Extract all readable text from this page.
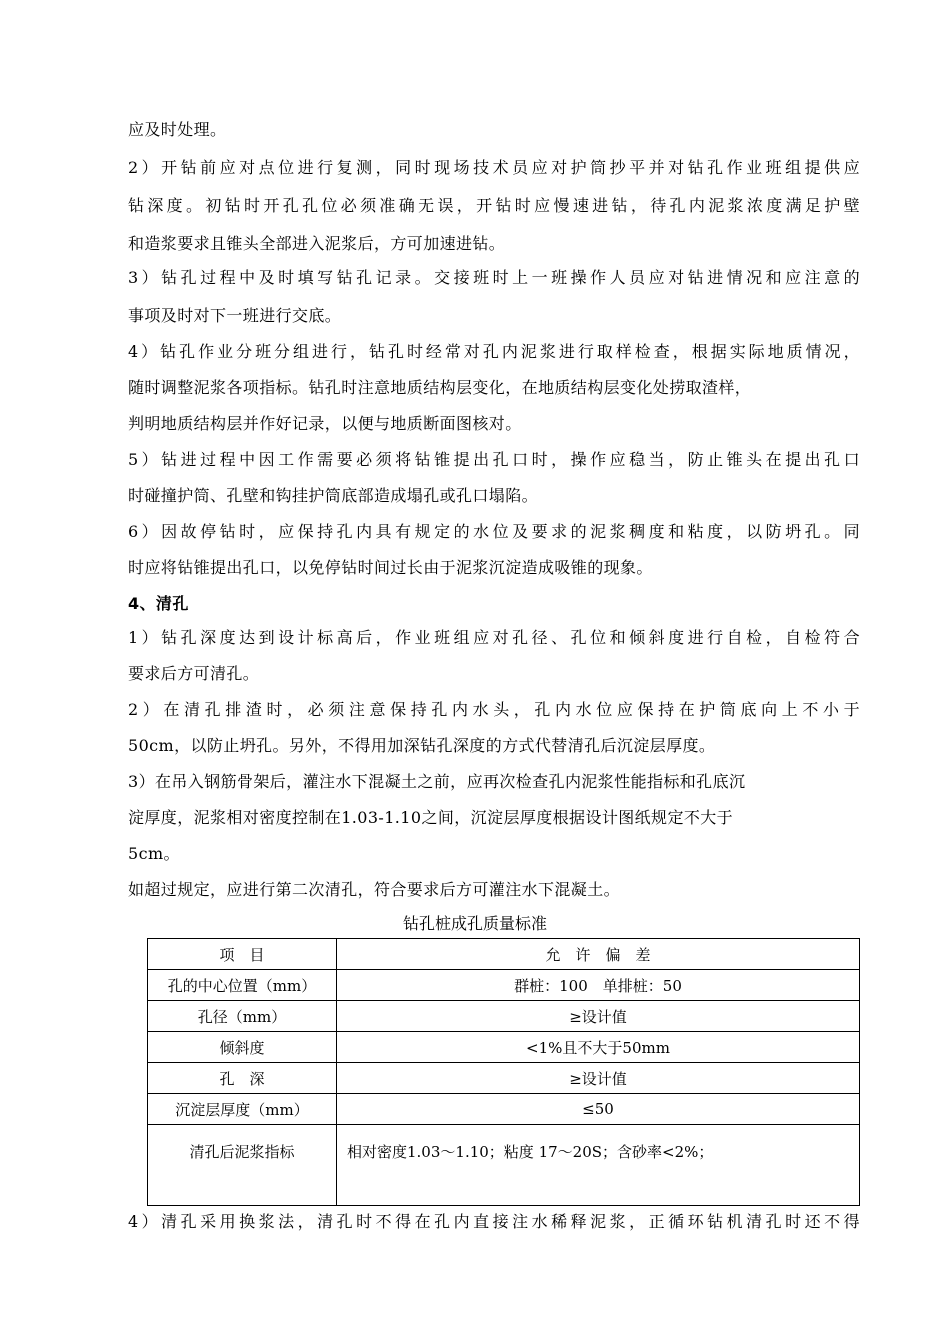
应及时处理。
2）开钻前应对点位进行复测，同时现场技术员应对护筒抄平并对钻孔作业班组提供应
钻深度。初钻时开孔孔位必须准确无误，开钻时应慢速进钻，待孔内泥浆浓度满足护壁
和造浆要求且锥头全部进入泥浆后，方可加速进钻。
3）钻孔过程中及时填写钻孔记录。交接班时上一班操作人员应对钻进情况和应注意的
事项及时对下一班进行交底。
4）钻孔作业分班分组进行，钻孔时经常对孔内泥浆进行取样检查，根据实际地质情况，
随时调整泥浆各项指标。钻孔时注意地质结构层变化，在地质结构层变化处捞取渣样，
判明地质结构层并作好记录，以便与地质断面图核对。
5）钻进过程中因工作需要必须将钻锥提出孔口时，操作应稳当，防止锥头在提出孔口
时碰撞护筒、孔壁和钩挂护筒底部造成塌孔或孔口塌陷。
6）因故停钻时，应保持孔内具有规定的水位及要求的泥浆稠度和粘度，以防坍孔。同
时应将钻锥提出孔口，以免停钻时间过长由于泥浆沉淀造成吸锥的现象。
4、清孔
1）钻孔深度达到设计标高后，作业班组应对孔径、孔位和倾斜度进行自检，自检符合
要求后方可清孔。
2）在清孔排渣时，必须注意保持孔内水头，孔内水位应保持在护筒底向上不小于
50cm，以防止坍孔。另外，不得用加深钻孔深度的方式代替清孔后沉淀层厚度。
3）在吊入钢筋骨架后，灌注水下混凝土之前，应再次检查孔内泥浆性能指标和孔底沉
淀厚度，泥浆相对密度控制在1.03-1.10之间，沉淀层厚度根据设计图纸规定不大于
5cm。
如超过规定，应进行第二次清孔，符合要求后方可灌注水下混凝土。
钻孔桩成孔质量标准
项　目	允　许　偏　差
孔的中心位置（mm）	群桩：100　单排桩：50
孔径（mm）	≥设计值
倾斜度	<1%且不大于50mm
孔　深	≥设计值
沉淀层厚度（mm）	≤50
清孔后泥浆指标	相对密度1.03～1.10；粘度 17～20S；含砂率<2%；
4）清孔采用换浆法，清孔时不得在孔内直接注水稀释泥浆，正循环钻机清孔时还不得
